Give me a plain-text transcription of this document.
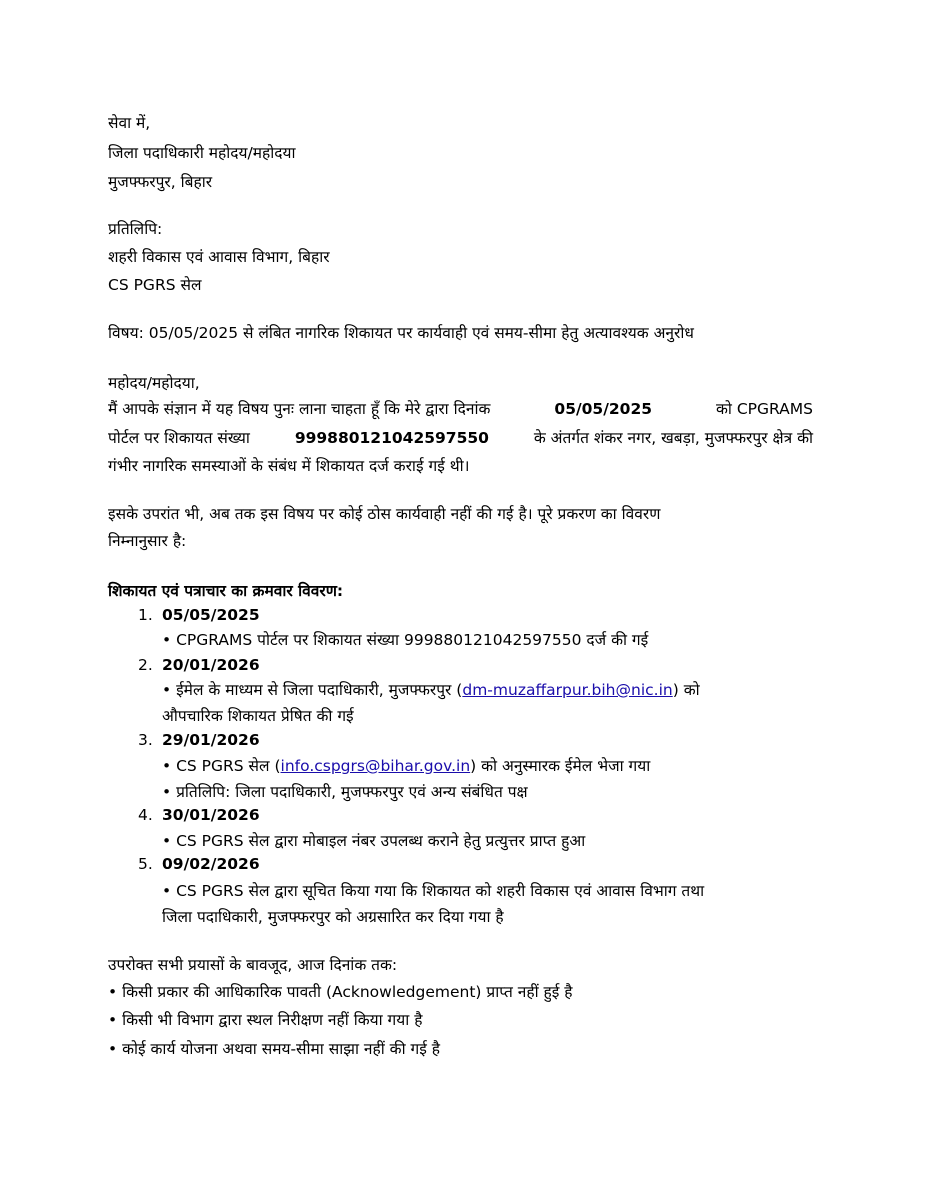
सेवा में,
जिला पदाधिकारी महोदय/महोदया
मुजफ्फरपुर, बिहार
प्रतिलिपि:
शहरी विकास एवं आवास विभाग, बिहार
CS PGRS सेल
विषय: 05/05/2025 से लंबित नागरिक शिकायत पर कार्यवाही एवं समय-सीमा हेतु अत्यावश्यक अनुरोध
महोदय/महोदया,
मैं आपके संज्ञान में यह विषय पुनः लाना चाहता हूँ कि मेरे द्वारा दिनांक	05/05/2025	को CPGRAMS
पोर्टल पर शिकायत संख्या	999880121042597550	के अंतर्गत शंकर नगर, खबड़ा, मुजफ्फरपुर क्षेत्र की
गंभीर नागरिक समस्याओं के संबंध में शिकायत दर्ज कराई गई थी।
इसके उपरांत भी, अब तक इस विषय पर कोई ठोस कार्यवाही नहीं की गई है। पूरे प्रकरण का विवरण
निम्नानुसार है:
शिकायत एवं पत्राचार का क्रमवार विवरण:
1. 05/05/2025
• CPGRAMS पोर्टल पर शिकायत संख्या 999880121042597550 दर्ज की गई
2. 20/01/2026
• ईमेल के माध्यम से जिला पदाधिकारी, मुजफ्फरपुर (dm-muzaffarpur.bih@nic.in) को
औपचारिक शिकायत प्रेषित की गई
3. 29/01/2026
• CS PGRS सेल (info.cspgrs@bihar.gov.in) को अनुस्मारक ईमेल भेजा गया
• प्रतिलिपि: जिला पदाधिकारी, मुजफ्फरपुर एवं अन्य संबंधित पक्ष
4. 30/01/2026
• CS PGRS सेल द्वारा मोबाइल नंबर उपलब्ध कराने हेतु प्रत्युत्तर प्राप्त हुआ
5. 09/02/2026
• CS PGRS सेल द्वारा सूचित किया गया कि शिकायत को शहरी विकास एवं आवास विभाग तथा
जिला पदाधिकारी, मुजफ्फरपुर को अग्रसारित कर दिया गया है
उपरोक्त सभी प्रयासों के बावजूद, आज दिनांक तक:
• किसी प्रकार की आधिकारिक पावती (Acknowledgement) प्राप्त नहीं हुई है
• किसी भी विभाग द्वारा स्थल निरीक्षण नहीं किया गया है
• कोई कार्य योजना अथवा समय-सीमा साझा नहीं की गई है
